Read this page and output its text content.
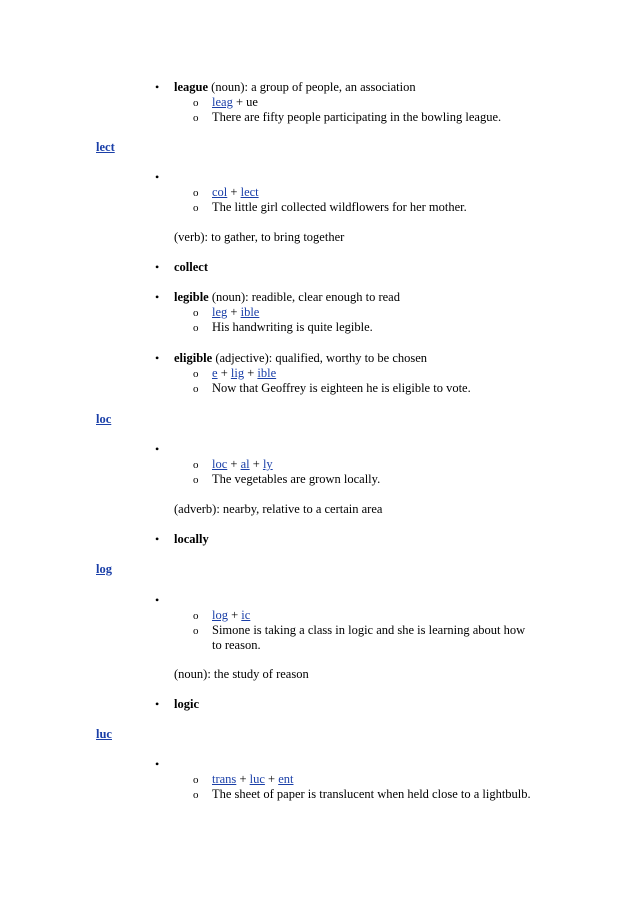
• league (noun): a group of people, an association
o leag + ue
o There are fifty people participating in the bowling league.
lect
•
o col + lect
o The little girl collected wildflowers for her mother.
(verb): to gather, to bring together
• collect
• legible (noun): readible, clear enough to read
o leg + ible
o His handwriting is quite legible.
• eligible (adjective): qualified, worthy to be chosen
o e + lig + ible
o Now that Geoffrey is eighteen he is eligible to vote.
loc
•
o loc + al + ly
o The vegetables are grown locally.
(adverb): nearby, relative to a certain area
• locally
log
•
o log + ic
o Simone is taking a class in logic and she is learning about how
to reason.
(noun): the study of reason
• logic
luc
•
o trans + luc + ent
o The sheet of paper is translucent when held close to a lightbulb.
